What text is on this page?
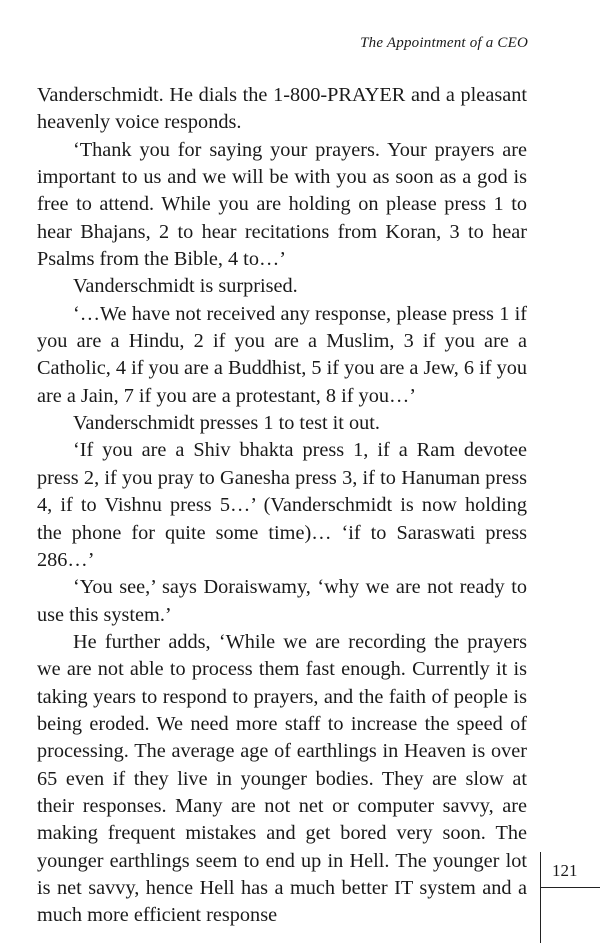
The Appointment of a CEO

Vanderschmidt. He dials the 1-800-PRAYER and a pleasant heavenly voice responds.

‘Thank you for saying your prayers. Your prayers are important to us and we will be with you as soon as a god is free to attend. While you are holding on please press 1 to hear Bhajans, 2 to hear recitations from Koran, 3 to hear Psalms from the Bible, 4 to…’

Vanderschmidt is surprised.

‘…We have not received any response, please press 1 if you are a Hindu, 2 if you are a Muslim, 3 if you are a Catholic, 4 if you are a Buddhist, 5 if you are a Jew, 6 if you are a Jain, 7 if you are a protestant, 8 if you…’

Vanderschmidt presses 1 to test it out.

‘If you are a Shiv bhakta press 1, if a Ram devotee press 2, if you pray to Ganesha press 3, if to Hanuman press 4, if to Vishnu press 5…’ (Vanderschmidt is now holding the phone for quite some time)… ‘if to Saraswati press 286…’

‘You see,’ says Doraiswamy, ‘why we are not ready to use this system.’

He further adds, ‘While we are recording the prayers we are not able to process them fast enough. Currently it is taking years to respond to prayers, and the faith of people is being eroded. We need more staff to increase the speed of processing. The average age of earthlings in Heaven is over 65 even if they live in younger bodies. They are slow at their responses. Many are not net or computer savvy, are making frequent mistakes and get bored very soon. The younger earthlings seem to end up in Hell. The younger lot is net savvy, hence Hell has a much better IT system and a much more efficient response

121
